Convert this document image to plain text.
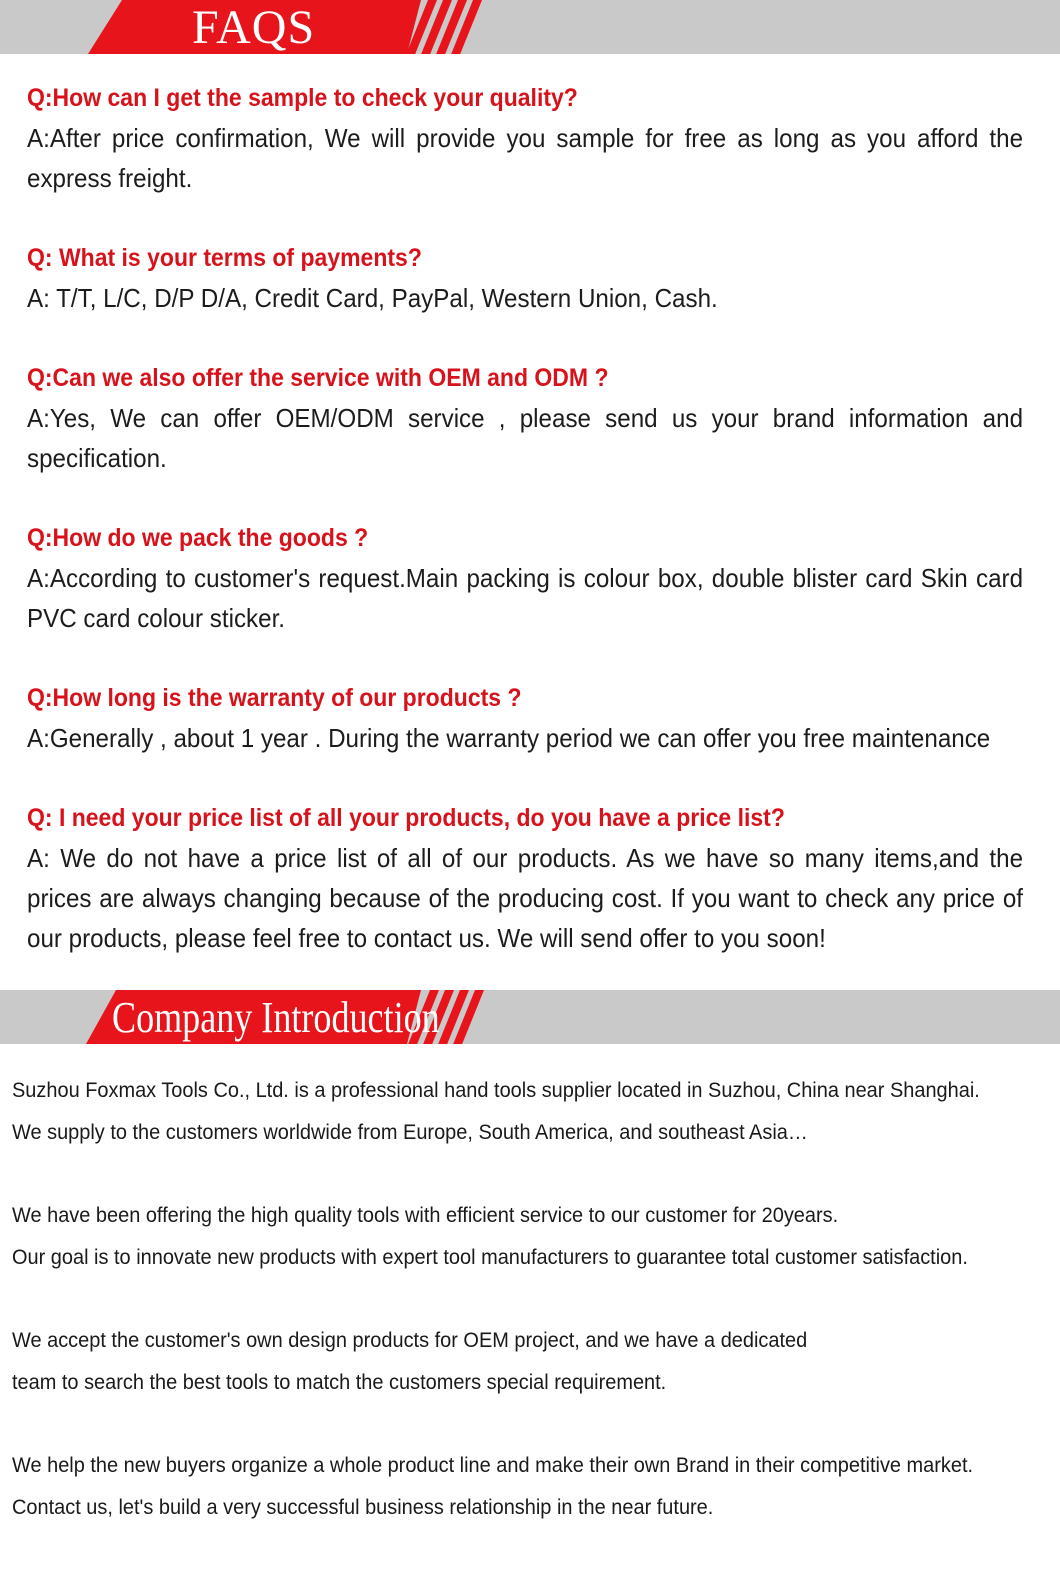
FAQS
Q:How can I get the sample to check your quality?
A:After price confirmation, We will provide you sample for free as long as you afford the express freight.
Q: What is your terms of payments?
A: T/T, L/C, D/P D/A, Credit Card, PayPal, Western Union, Cash.
Q:Can we also offer the service with OEM and ODM ?
A:Yes, We can offer OEM/ODM service , please send us your brand information and specification.
Q:How do we pack the goods ?
A:According to customer's request.Main packing is colour box, double blister card Skin card PVC card colour sticker.
Q:How long is the warranty of our products ?
A:Generally , about 1 year . During the warranty period we can offer you free maintenance
Q: I need your price list of all your products, do you have a price list?
A: We do not have a price list of all of our products. As we have so many items,and the prices are always changing because of the producing cost. If you want to check any price of our products, please feel free to contact us. We will send offer to you soon!
Company Introduction
Suzhou Foxmax Tools Co., Ltd. is a professional hand tools supplier located in Suzhou, China near Shanghai.
We supply to the customers worldwide from Europe, South America, and southeast Asia…
We have been offering the high quality tools with efficient service to our customer for 20years.
Our goal is to innovate new products with expert tool manufacturers to guarantee total customer satisfaction.
We accept the customer's own design products for OEM project, and we have a dedicated
team to search the best tools to match the customers special requirement.
We help the new buyers organize a whole product line and make their own Brand in their competitive market.
Contact us, let's build a very successful business relationship in the near future.
